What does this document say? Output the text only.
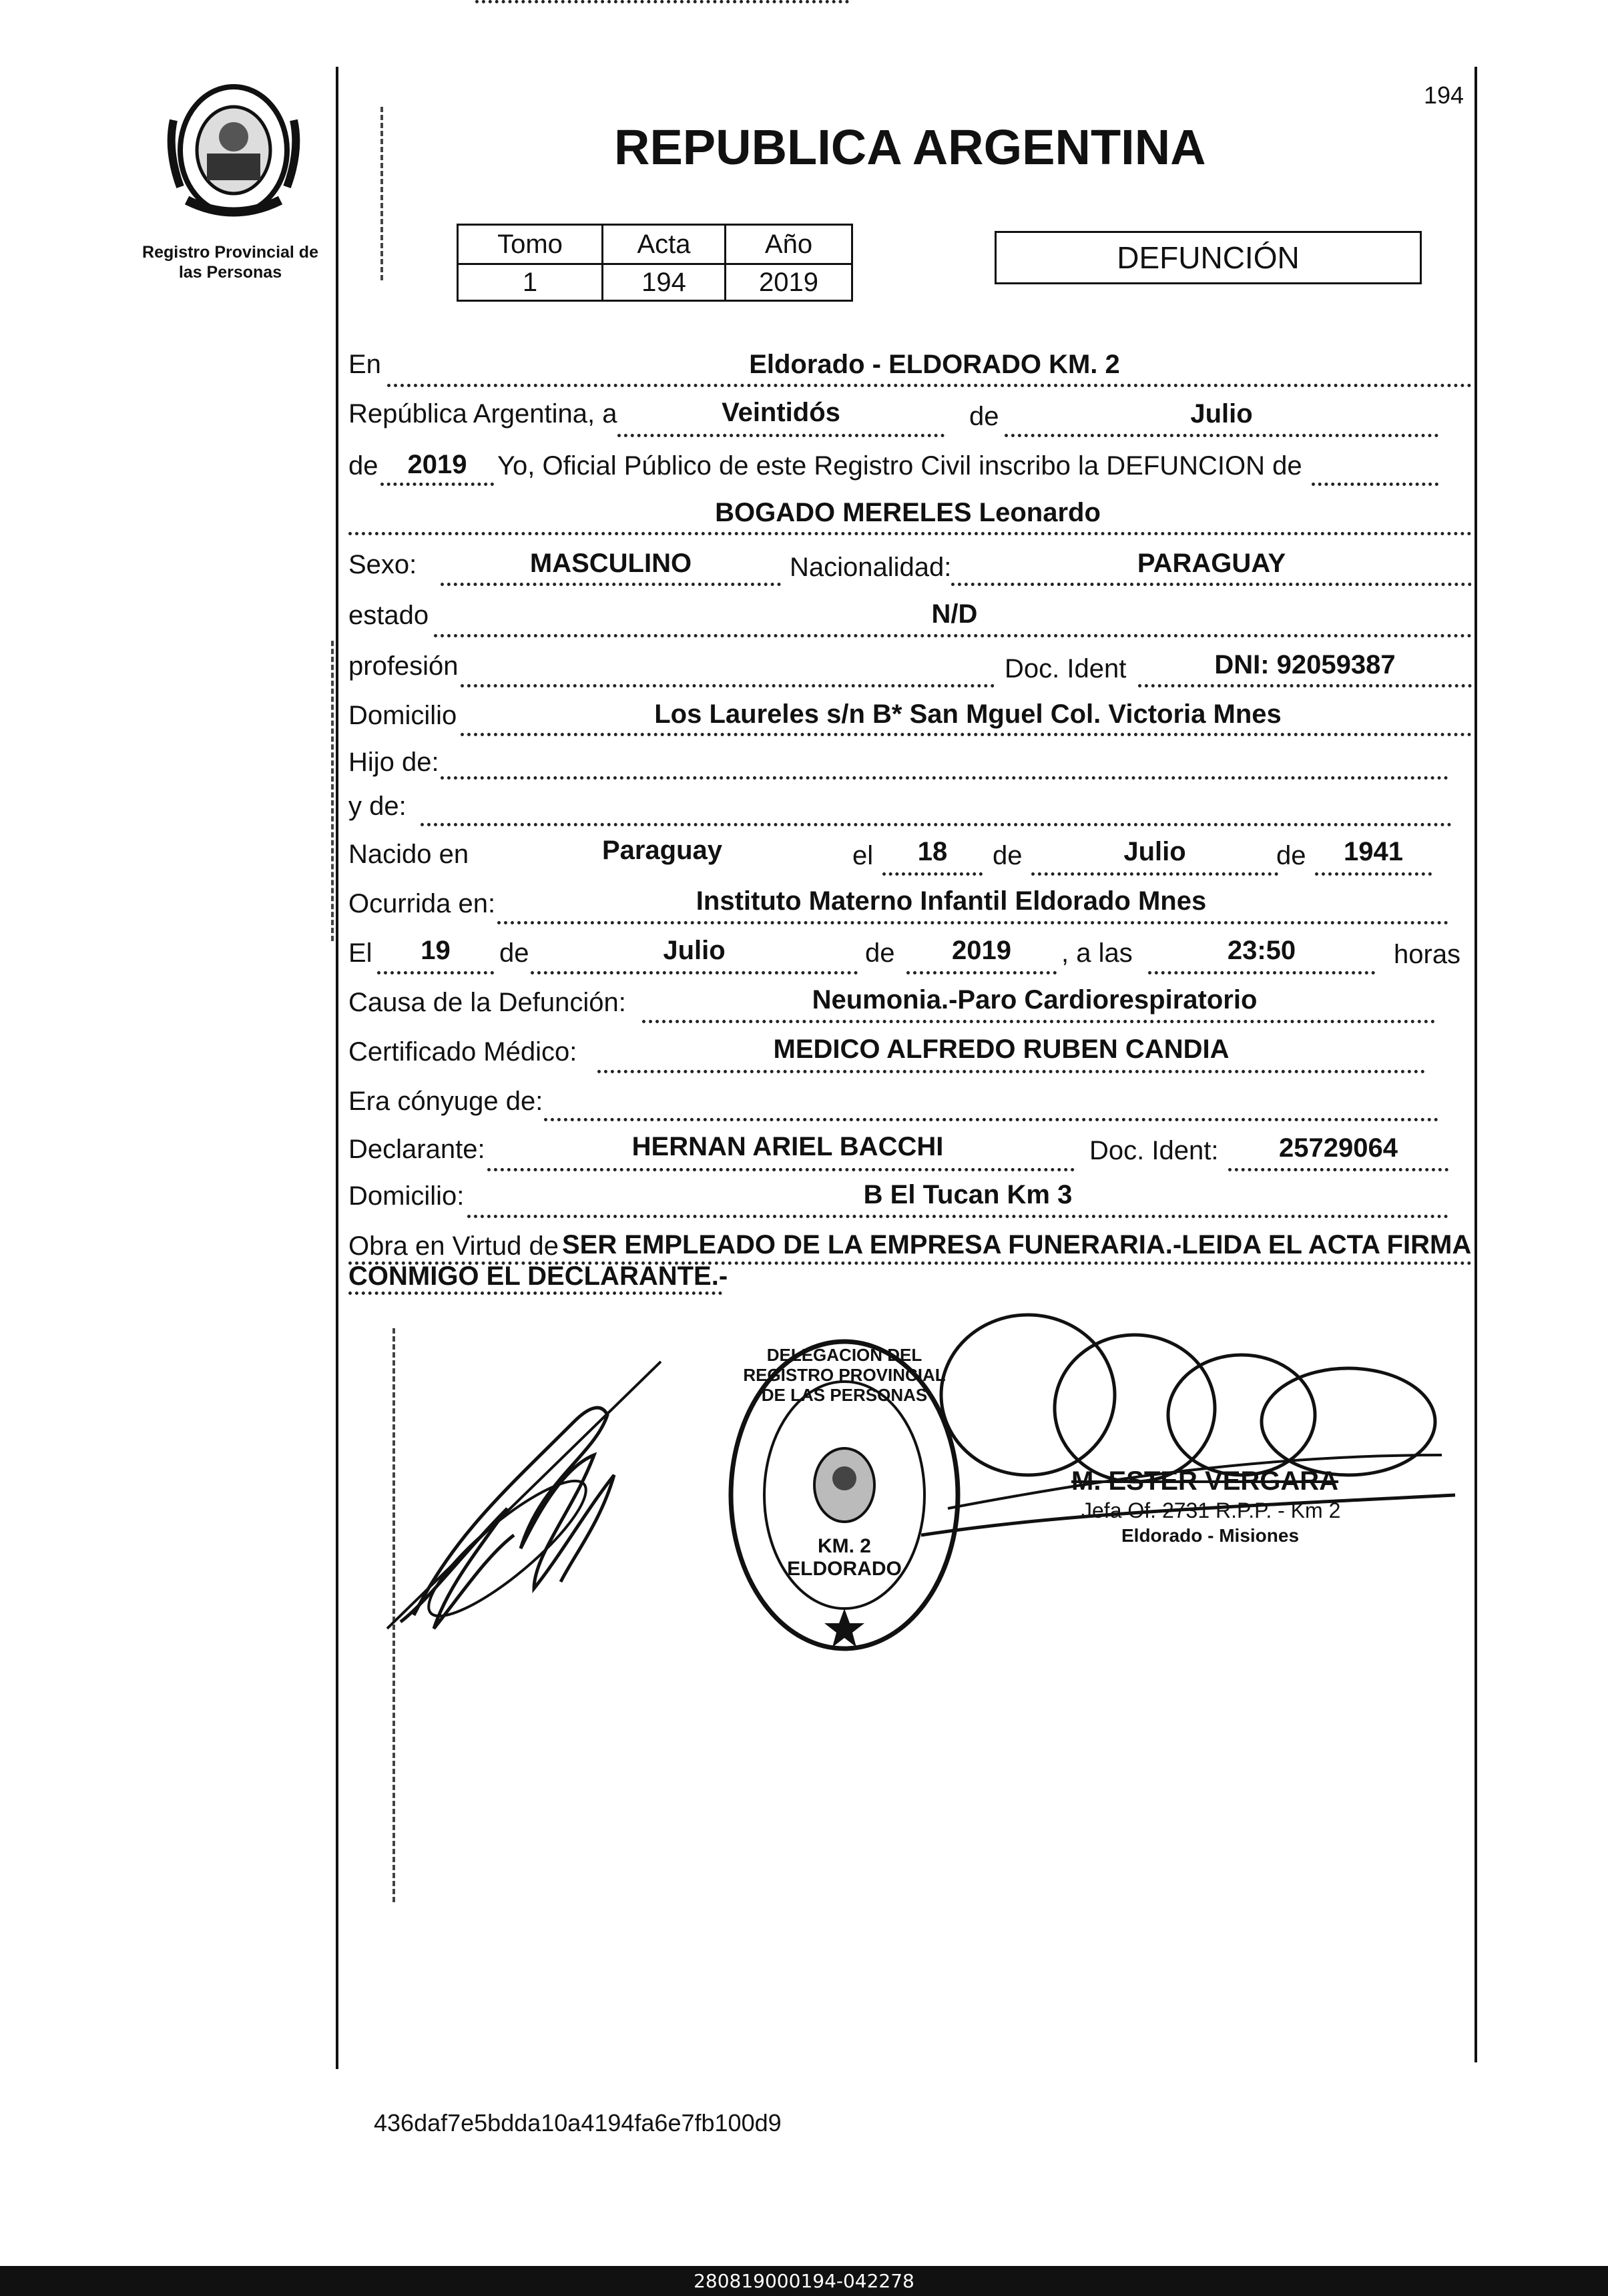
Registro Provincial de las Personas
194
REPUBLICA ARGENTINA
Tomo	Acta	Año
1	194	2019
DEFUNCIÓN
En	Eldorado - ELDORADO KM. 2
República Argentina, a	Veintidós	de	Julio
de	2019	Yo, Oficial Público de este Registro Civil inscribo la DEFUNCION de
BOGADO MERELES Leonardo
Sexo:	MASCULINO	Nacionalidad:	PARAGUAY
estado	N/D
profesión	Doc. Ident	DNI: 92059387
Domicilio	Los Laureles s/n B* San Mguel Col. Victoria Mnes
Hijo de:
y de:
Nacido en	Paraguay	el	18	de	Julio	de	1941
Ocurrida en:	Instituto Materno Infantil Eldorado Mnes
El	19	de	Julio	de	2019	, a las	23:50	horas
Causa de la Defunción:	Neumonia.-Paro Cardiorespiratorio
Certificado Médico:	MEDICO ALFREDO RUBEN CANDIA
Era cónyuge de:
Declarante:	HERNAN ARIEL BACCHI	Doc. Ident:	25729064
Domicilio:	B El Tucan Km 3
Obra en Virtud de SER EMPLEADO DE LA EMPRESA FUNERARIA.-LEIDA EL ACTA FIRMA
CONMIGO EL DECLARANTE.-
DELEGACION DEL REGISTRO PROVINCIAL DE LAS PERSONAS
KM. 2 ELDORADO
M. ESTER VERGARA
Jefa Of. 2731 R.P.P. - Km 2
Eldorado - Misiones
436daf7e5bdda10a4194fa6e7fb100d9
280819000194-042278
